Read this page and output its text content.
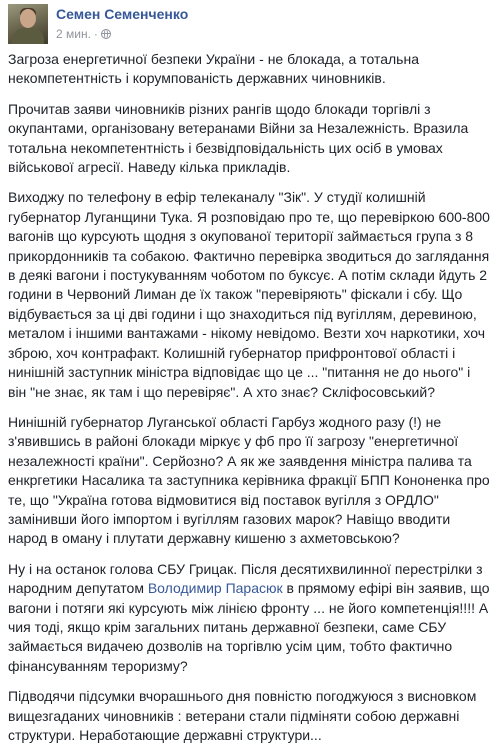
Семен Семенченко
2 мин. ·

Загроза енергетичної безпеки України - не блокада, а тотальна некомпетентність і корумпованість державних чиновників.

Прочитав заяви чиновників різних рангів щодо блокади торгівлі з окупантами, організовану ветеранами Війни за Незалежність. Вразила тотальна некомпетентність і безвідповідальність цих осіб в умовах військової агресії. Наведу кілька прикладів.

Виходжу по телефону в ефір телеканалу "Зік". У студії колишній губернатор Луганщини Тука. Я розповідаю про те, що перевіркою 600-800 вагонів що курсують щодня з окупованої території займається група з 8 прикордонників та собакою. Фактично перевірка зводиться до заглядання в деякі вагони і постукуванням чоботом по буксує. А потім склади йдуть 2 години в Червоний Лиман де їх також "перевіряють" фіскали і сбу. Що відбувається за ці дві години і що знаходиться під вугіллям, деревиною, металом і іншими вантажами - нікому невідомо. Везти хоч наркотики, хоч зброю, хоч контрафакт. Колишній губернатор прифронтової області і нинішній заступник міністра відповідає що це ... "питання не до нього" і він "не знає, як там і що перевіряє". А хто знає? Скліфосовський?

Нинішній губернатор Луганської області Гарбуз жодного разу (!) не з'явившись в районі блокади міркує у фб про її загрозу "енергетичної незалежності країни". Серйозно? А як же заявдення міністра палива та енкргетики Насалика та заступника керівника фракції БПП Кононенка про те, що "Україна готова відмовитися від поставок вугілля з ОРДЛО" замінивши його імпортом і вугіллям газових марок? Навіщо вводити народ в оману і плутати державну кишеню з ахметовською?

Ну і на останок голова СБУ Грицак. Після десятихвилинної перестрілки з народним депутатом Володимир Парасюк в прямому ефірі він заявив, що вагони і потяги які курсують між лінією фронту ... не його компетенція!!!! А чия тоді, якщо крім загальних питань державної безпеки, саме СБУ займається видачею дозволів на торгівлю усім цим, тобто фактично фінансуванням тероризму?

Підводячи підсумки вчорашнього дня повністю погоджуюся з висновком вищезгаданих чиновників : ветерани стали підміняти собою державні структури. Неработающие державні структури...
